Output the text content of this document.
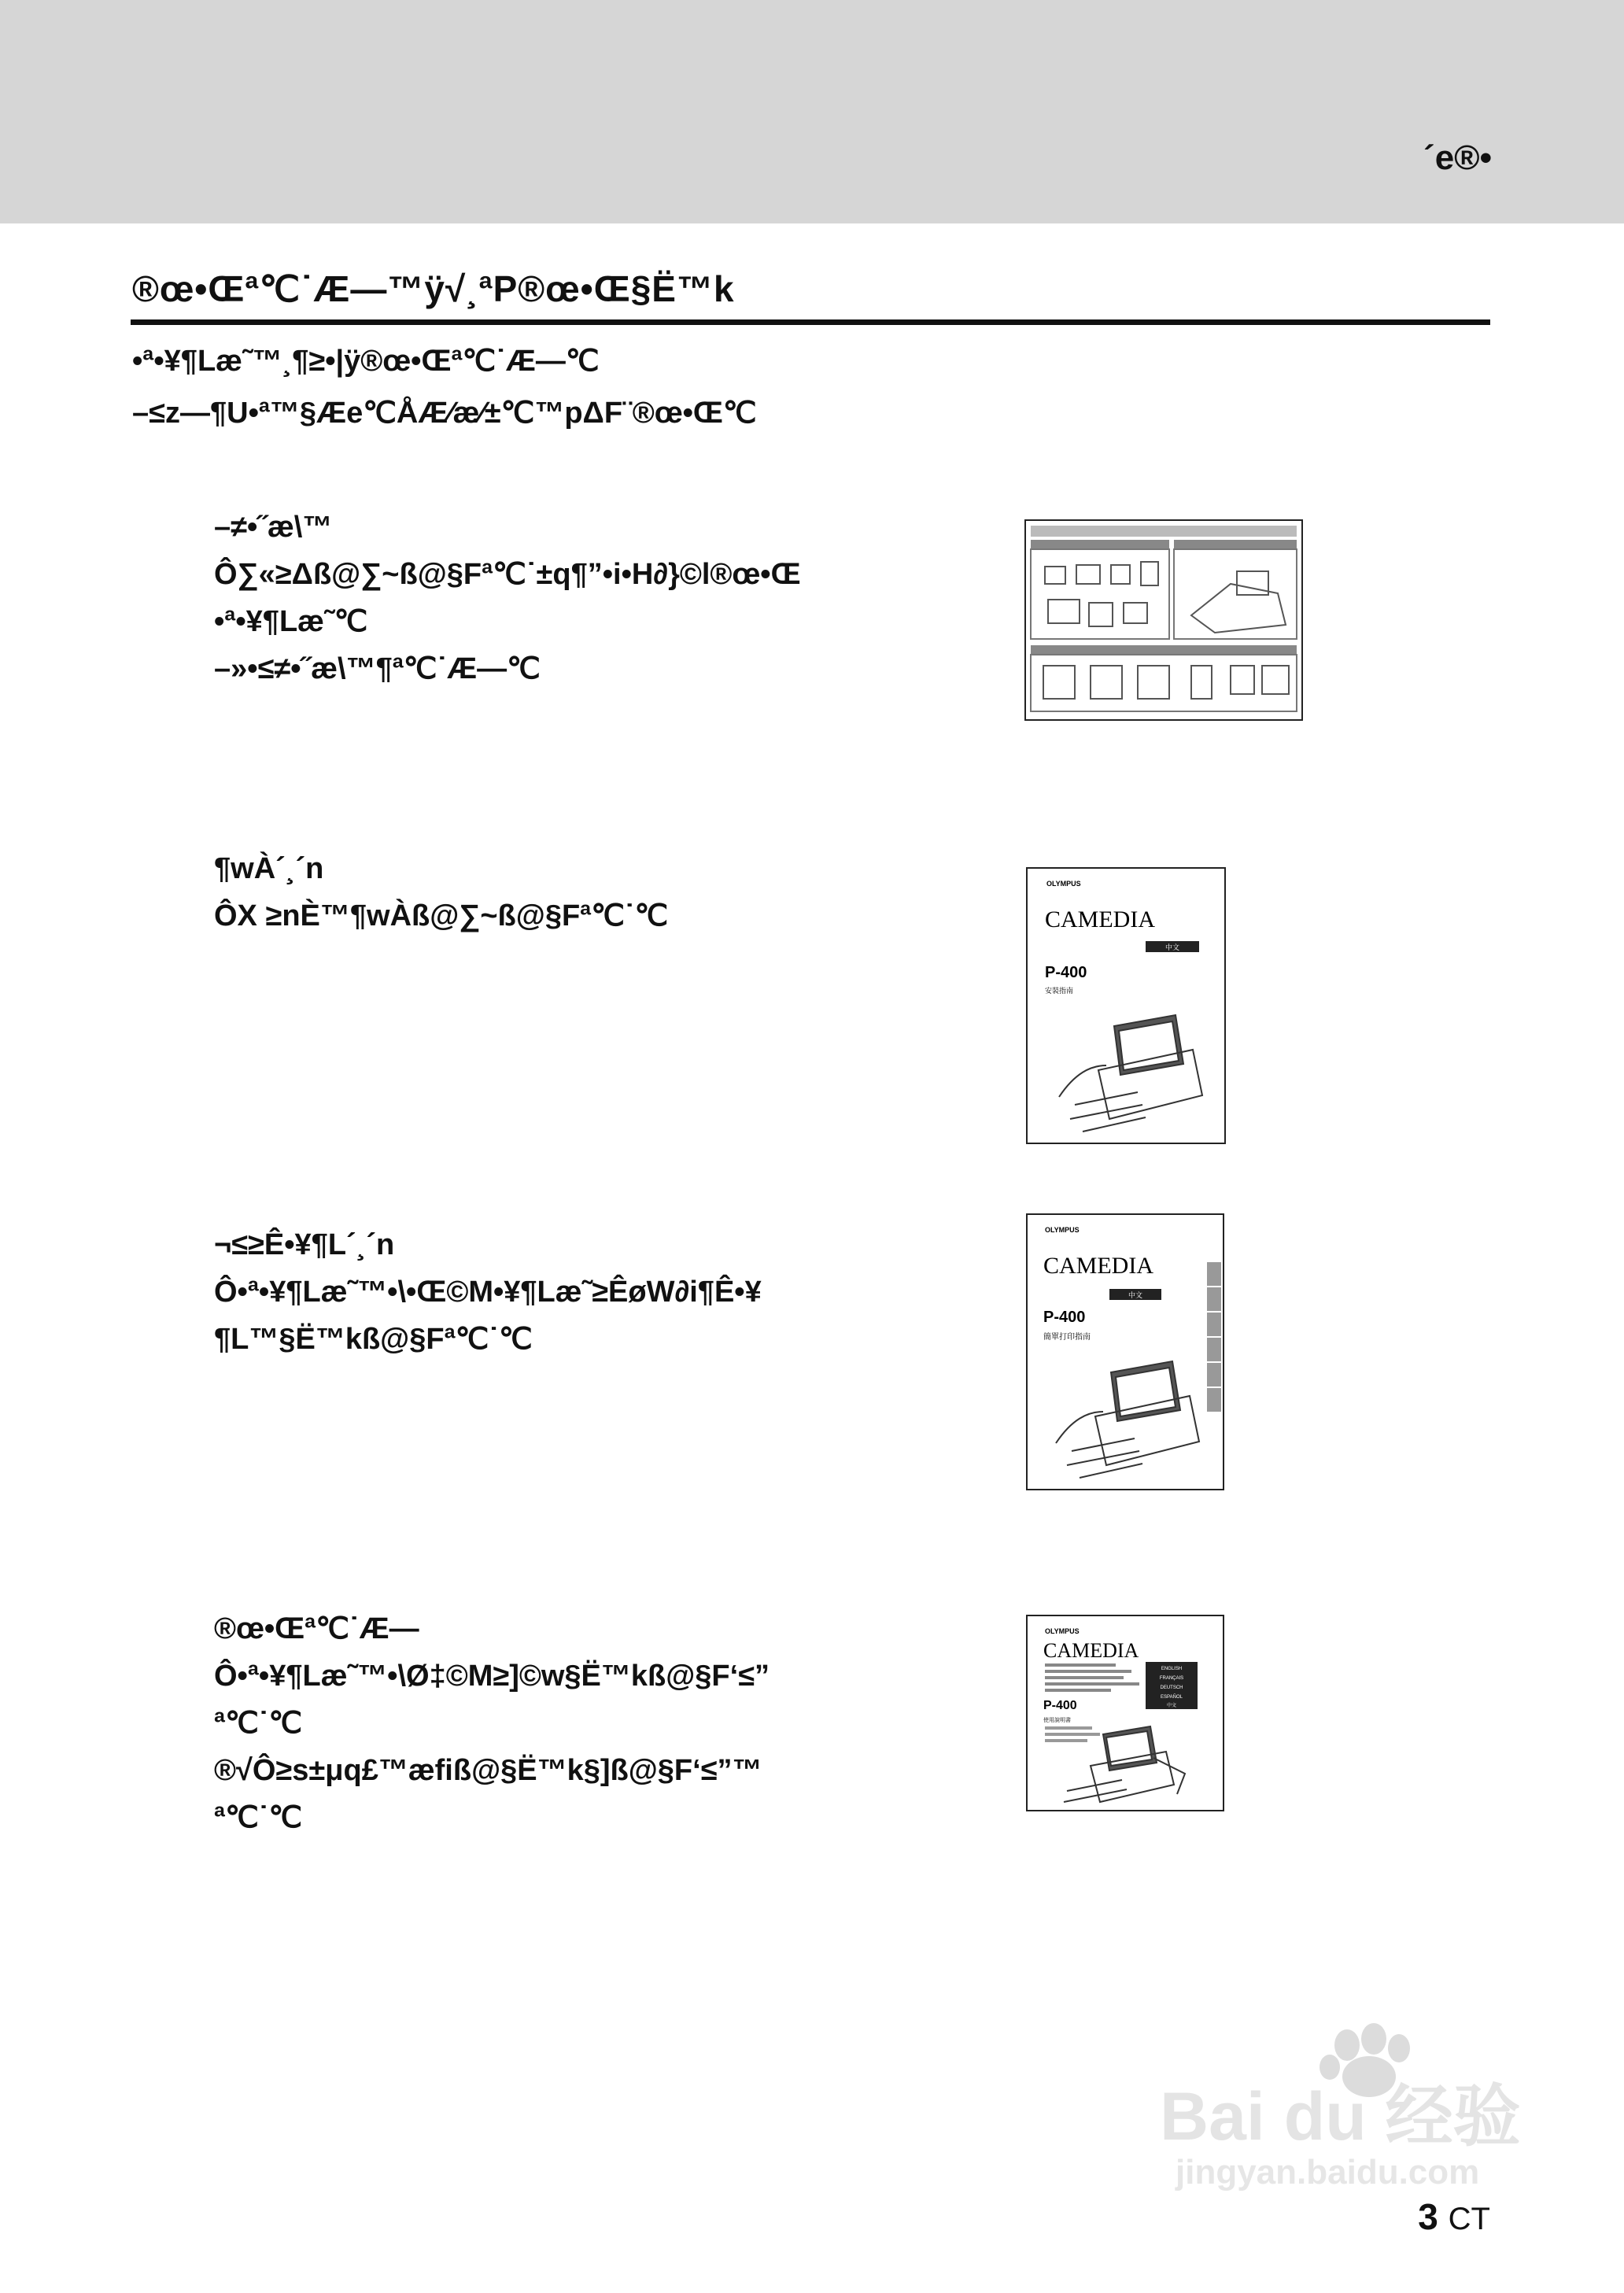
´e®•
®œ•Œª℃˙Æ—™ÿ√¸ªP®œ•Œ§Ë™k
•ª•¥¶Læ˜™¸¶≥•|ÿ®œ•Œª℃˙Æ—℃
–≤z—¶U•ª™§Æe℃ÅÆ⁄æ⁄±℃™pΔF¨®œ•Œ℃
–≠•˝æ\™
Ô∑«≥Δß@∑~ß@§Fª℃˙±q¶”•i•H∂}©l®œ•Œ
•ª•¥¶Læ˜℃
–»•≤≠•˝æ\™¶ª℃˙Æ—℃
¶wÀ´¸´n
ÔX ≥nÈ™¶wÀß@∑~ß@§Fª℃˙℃
OLYMPUS
CAMEDIA
中文
P-400
安裝指南
¬≤≥Ê•¥¶L´¸´n
Ô•ª•¥¶Læ˜™•\•Œ©M•¥¶Læ˜≥ÊøW∂i¶Ê•¥
¶L™§Ë™kß@§Fª℃˙℃
OLYMPUS
CAMEDIA
中文
P-400
簡單打印指南
®œ•Œª℃˙Æ—
Ô•ª•¥¶Læ˜™•\Ø‡©M≥]©w§Ë™kß@§F‘≤”
ª℃˙℃
®√Ô≥s±μq£™æfiß@§Ë™k§]ß@§F‘≤”™
ª℃˙℃
OLYMPUS
CAMEDIA
ENGLISH
FRANÇAIS
DEUTSCH
ESPAÑOL
中文
P-400
使用說明書
Bai du 经验
jingyan.baidu.com
3 CT
